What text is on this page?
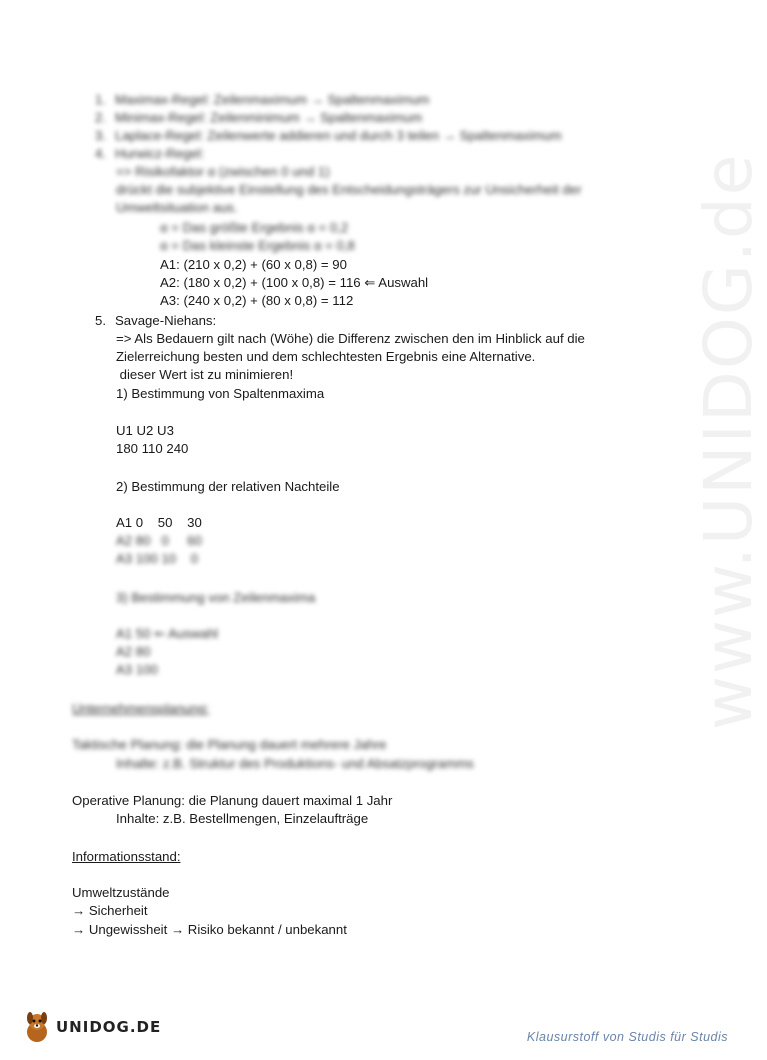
www.UNIDOG.de
1. Maximax-Regel: Zeilenmaximum → Spaltenmaximum
2. Minimax-Regel: Zeilenminimum → Spaltenmaximum
3. Laplace-Regel: Zeilenwerte addieren und durch 3 teilen → Spaltenmaximum
4. Hurwicz-Regel:
=> Risikofaktor α (zwischen 0 und 1)
drückt die subjektive Einstellung des Entscheidungsträgers zur Unsicherheit der
Umweltsituation aus.
α = Das größte Ergebnis α = 0,2
α = Das kleinste Ergebnis α = 0,8
A1: (210 x 0,2) + (60 x 0,8) = 90
A2: (180 x 0,2) + (100 x 0,8) = 116 ⇐ Auswahl
A3: (240 x 0,2) + (80 x 0,8) = 112
5. Savage-Niehans:
=> Als Bedauern gilt nach (Wöhe) die Differenz zwischen den im Hinblick auf die
Zielerreichung besten und dem schlechtesten Ergebnis eine Alternative.
dieser Wert ist zu minimieren!
1) Bestimmung von Spaltenmaxima
U1 U2 U3
180 110 240
2) Bestimmung der relativen Nachteile
A1 0    50    30
A2 80   0     60
A3 100 10    0
3) Bestimmung von Zeilenmaxima
A1 50 ⇐ Auswahl
A2 80
A3 100
Unternehmensplanung:
Taktische Planung: die Planung dauert mehrere Jahre
Inhalte: z.B. Struktur des Produktions- und Absatzprogramms
Operative Planung: die Planung dauert maximal 1 Jahr
Inhalte: z.B. Bestellmengen, Einzelaufträge
Informationsstand:
Umweltzustände
→ Sicherheit
→ Ungewissheit → Risiko bekannt / unbekannt
UNIDOG.DE
Klausurstoff von Studis für Studis
